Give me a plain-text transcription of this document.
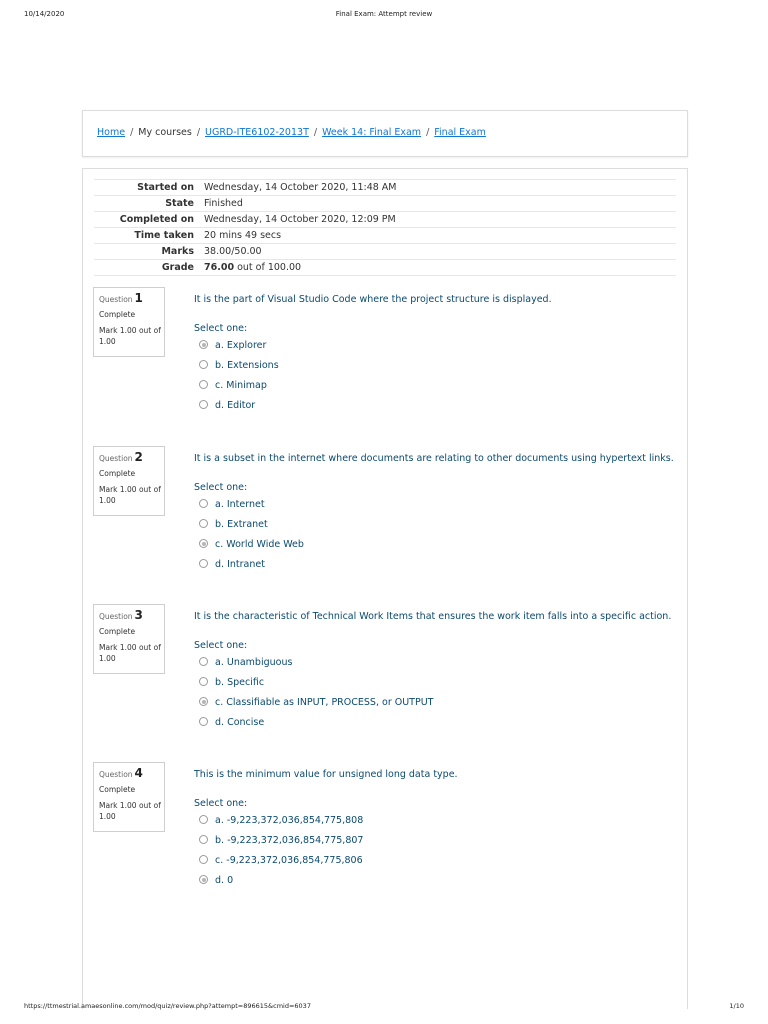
10/14/2020	Final Exam: Attempt review
Home / My courses / UGRD-ITE6102-2013T / Week 14: Final Exam / Final Exam
Started on	Wednesday, 14 October 2020, 11:48 AM
State	Finished
Completed on	Wednesday, 14 October 2020, 12:09 PM
Time taken	20 mins 49 secs
Marks	38.00/50.00
Grade	76.00 out of 100.00
Question 1
Complete
Mark 1.00 out of 1.00
It is the part of Visual Studio Code where the project structure is displayed.
Select one:
a. Explorer
b. Extensions
c. Minimap
d. Editor
Question 2
Complete
Mark 1.00 out of 1.00
It is a subset in the internet where documents are relating to other documents using hypertext links.
Select one:
a. Internet
b. Extranet
c. World Wide Web
d. Intranet
Question 3
Complete
Mark 1.00 out of 1.00
It is the characteristic of Technical Work Items that ensures the work item falls into a specific action.
Select one:
a. Unambiguous
b. Specific
c. Classifiable as INPUT, PROCESS, or OUTPUT
d. Concise
Question 4
Complete
Mark 1.00 out of 1.00
This is the minimum value for unsigned long data type.
Select one:
a. -9,223,372,036,854,775,808
b. -9,223,372,036,854,775,807
c. -9,223,372,036,854,775,806
d. 0
https://ttmestrial.amaesonline.com/mod/quiz/review.php?attempt=896615&cmid=6037	1/10
